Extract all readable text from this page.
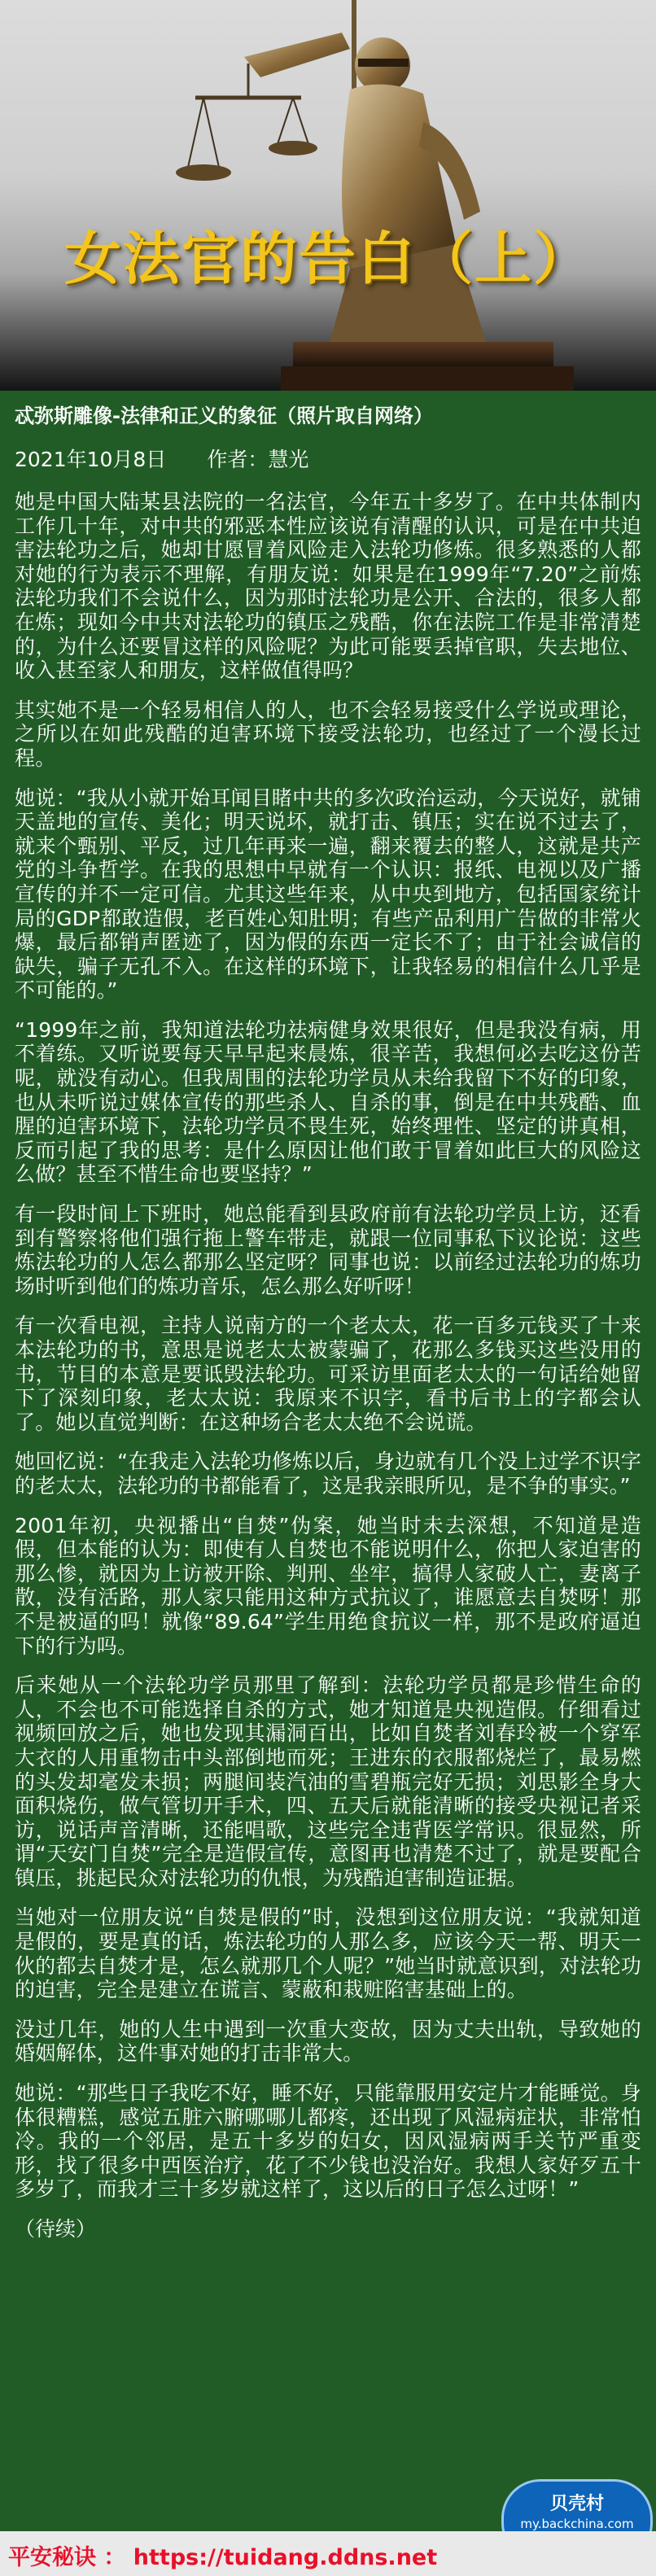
女法官的告白（上）
忒弥斯雕像-法律和正义的象征（照片取自网络）
2021年10月8日 作者：慧光

她是中国大陆某县法院的一名法官，今年五十多岁了。在中共体制内工作几十年，对中共的邪恶本性应该说有清醒的认识，可是在中共迫害法轮功之后，她却甘愿冒着风险走入法轮功修炼。很多熟悉的人都对她的行为表示不理解，有朋友说：如果是在1999年“7.20”之前炼法轮功我们不会说什么，因为那时法轮功是公开、合法的，很多人都在炼；现如今中共对法轮功的镇压之残酷，你在法院工作是非常清楚的，为什么还要冒这样的风险呢？为此可能要丢掉官职，失去地位、收入甚至家人和朋友，这样做值得吗？

其实她不是一个轻易相信人的人，也不会轻易接受什么学说或理论，之所以在如此残酷的迫害环境下接受法轮功，也经过了一个漫长过程。

她说：“我从小就开始耳闻目睹中共的多次政治运动，今天说好，就铺天盖地的宣传、美化；明天说坏，就打击、镇压；实在说不过去了，就来个甄别、平反，过几年再来一遍，翻来覆去的整人，这就是共产党的斗争哲学。在我的思想中早就有一个认识：报纸、电视以及广播宣传的并不一定可信。尤其这些年来，从中央到地方，包括国家统计局的GDP都敢造假，老百姓心知肚明；有些产品利用广告做的非常火爆，最后都销声匿迹了，因为假的东西一定长不了；由于社会诚信的缺失，骗子无孔不入。在这样的环境下，让我轻易的相信什么几乎是不可能的。”

“1999年之前，我知道法轮功祛病健身效果很好，但是我没有病，用不着练。又听说要每天早早起来晨炼，很辛苦，我想何必去吃这份苦呢，就没有动心。但我周围的法轮功学员从未给我留下不好的印象，也从未听说过媒体宣传的那些杀人、自杀的事，倒是在中共残酷、血腥的迫害环境下，法轮功学员不畏生死，始终理性、坚定的讲真相，反而引起了我的思考：是什么原因让他们敢于冒着如此巨大的风险这么做？甚至不惜生命也要坚持？”

有一段时间上下班时，她总能看到县政府前有法轮功学员上访，还看到有警察将他们强行拖上警车带走，就跟一位同事私下议论说：这些炼法轮功的人怎么都那么坚定呀？同事也说：以前经过法轮功的炼功场时听到他们的炼功音乐，怎么那么好听呀！

有一次看电视，主持人说南方的一个老太太，花一百多元钱买了十来本法轮功的书，意思是说老太太被蒙骗了，花那么多钱买这些没用的书，节目的本意是要诋毁法轮功。可采访里面老太太的一句话给她留下了深刻印象，老太太说：我原来不识字，看书后书上的字都会认了。她以直觉判断：在这种场合老太太绝不会说谎。

她回忆说：“在我走入法轮功修炼以后，身边就有几个没上过学不识字的老太太，法轮功的书都能看了，这是我亲眼所见，是不争的事实。”

2001年初，央视播出“自焚”伪案，她当时未去深想，不知道是造假，但本能的认为：即使有人自焚也不能说明什么，你把人家迫害的那么惨，就因为上访被开除、判刑、坐牢，搞得人家破人亡，妻离子散，没有活路，那人家只能用这种方式抗议了，谁愿意去自焚呀！那不是被逼的吗！就像“89.64”学生用绝食抗议一样，那不是政府逼迫下的行为吗。

后来她从一个法轮功学员那里了解到：法轮功学员都是珍惜生命的人，不会也不可能选择自杀的方式，她才知道是央视造假。仔细看过视频回放之后，她也发现其漏洞百出，比如自焚者刘春玲被一个穿军大衣的人用重物击中头部倒地而死；王进东的衣服都烧烂了，最易燃的头发却毫发未损；两腿间装汽油的雪碧瓶完好无损；刘思影全身大面积烧伤，做气管切开手术，四、五天后就能清晰的接受央视记者采访，说话声音清晰，还能唱歌，这些完全违背医学常识。很显然，所谓“天安门自焚”完全是造假宣传，意图再也清楚不过了，就是要配合镇压，挑起民众对法轮功的仇恨，为残酷迫害制造证据。

当她对一位朋友说“自焚是假的”时，没想到这位朋友说：“我就知道是假的，要是真的话，炼法轮功的人那么多，应该今天一帮、明天一伙的都去自焚才是，怎么就那几个人呢？”她当时就意识到，对法轮功的迫害，完全是建立在谎言、蒙蔽和栽赃陷害基础上的。

没过几年，她的人生中遇到一次重大变故，因为丈夫出轨，导致她的婚姻解体，这件事对她的打击非常大。

她说：“那些日子我吃不好，睡不好，只能靠服用安定片才能睡觉。身体很糟糕，感觉五脏六腑哪哪儿都疼，还出现了风湿病症状，非常怕冷。我的一个邻居，是五十多岁的妇女，因风湿病两手关节严重变形，找了很多中西医治疗，花了不少钱也没治好。我想人家好歹五十多岁了，而我才三十多岁就这样了，这以后的日子怎么过呀！”

（待续）
贝壳村
my.backchina.com
平安秘诀 ： https://tuidang.ddns.net
